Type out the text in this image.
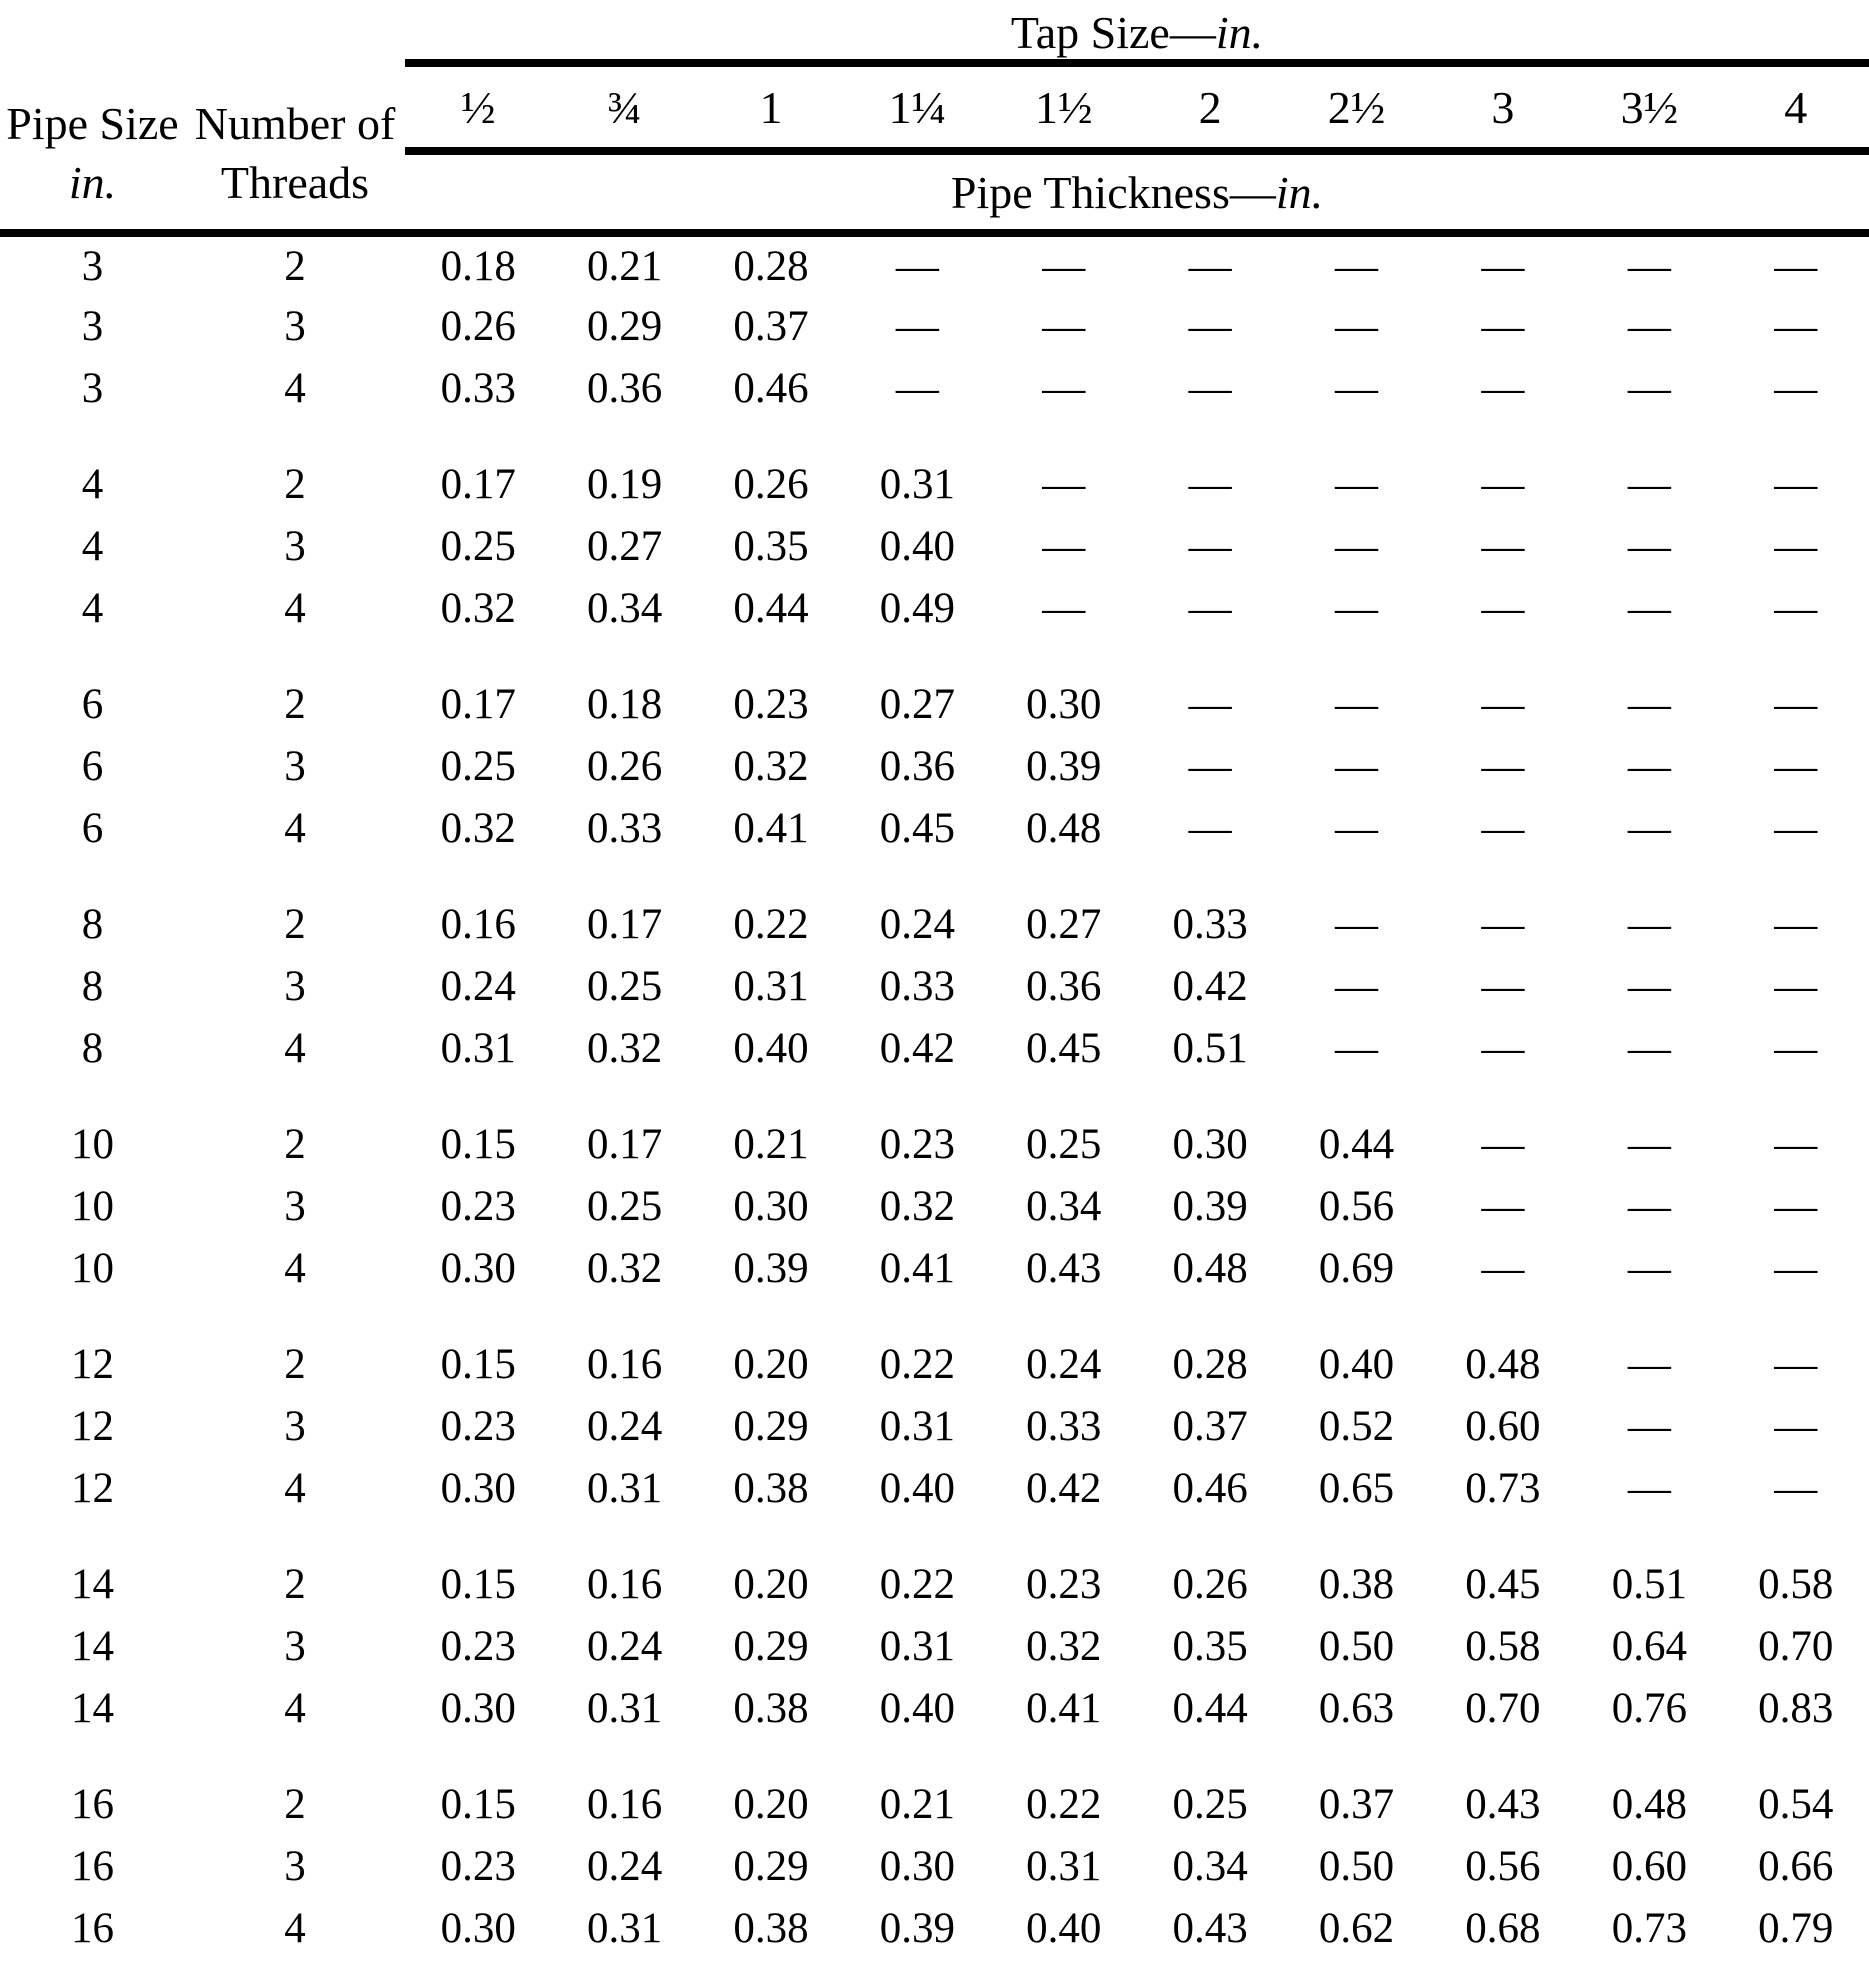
Pipe Size
in.	Number of
Threads	Tap Size—in.									
		½	¾	1	1¼	1½	2	2½	3	3½	4
		Pipe Thickness—in.									
3	2	0.18	0.21	0.28	—	—	—	—	—	—	—
3	3	0.26	0.29	0.37	—	—	—	—	—	—	—
3	4	0.33	0.36	0.46	—	—	—	—	—	—	—

4	2	0.17	0.19	0.26	0.31	—	—	—	—	—	—
4	3	0.25	0.27	0.35	0.40	—	—	—	—	—	—
4	4	0.32	0.34	0.44	0.49	—	—	—	—	—	—

6	2	0.17	0.18	0.23	0.27	0.30	—	—	—	—	—
6	3	0.25	0.26	0.32	0.36	0.39	—	—	—	—	—
6	4	0.32	0.33	0.41	0.45	0.48	—	—	—	—	—

8	2	0.16	0.17	0.22	0.24	0.27	0.33	—	—	—	—
8	3	0.24	0.25	0.31	0.33	0.36	0.42	—	—	—	—
8	4	0.31	0.32	0.40	0.42	0.45	0.51	—	—	—	—

10	2	0.15	0.17	0.21	0.23	0.25	0.30	0.44	—	—	—
10	3	0.23	0.25	0.30	0.32	0.34	0.39	0.56	—	—	—
10	4	0.30	0.32	0.39	0.41	0.43	0.48	0.69	—	—	—

12	2	0.15	0.16	0.20	0.22	0.24	0.28	0.40	0.48	—	—
12	3	0.23	0.24	0.29	0.31	0.33	0.37	0.52	0.60	—	—
12	4	0.30	0.31	0.38	0.40	0.42	0.46	0.65	0.73	—	—

14	2	0.15	0.16	0.20	0.22	0.23	0.26	0.38	0.45	0.51	0.58
14	3	0.23	0.24	0.29	0.31	0.32	0.35	0.50	0.58	0.64	0.70
14	4	0.30	0.31	0.38	0.40	0.41	0.44	0.63	0.70	0.76	0.83

16	2	0.15	0.16	0.20	0.21	0.22	0.25	0.37	0.43	0.48	0.54
16	3	0.23	0.24	0.29	0.30	0.31	0.34	0.50	0.56	0.60	0.66
16	4	0.30	0.31	0.38	0.39	0.40	0.43	0.62	0.68	0.73	0.79
